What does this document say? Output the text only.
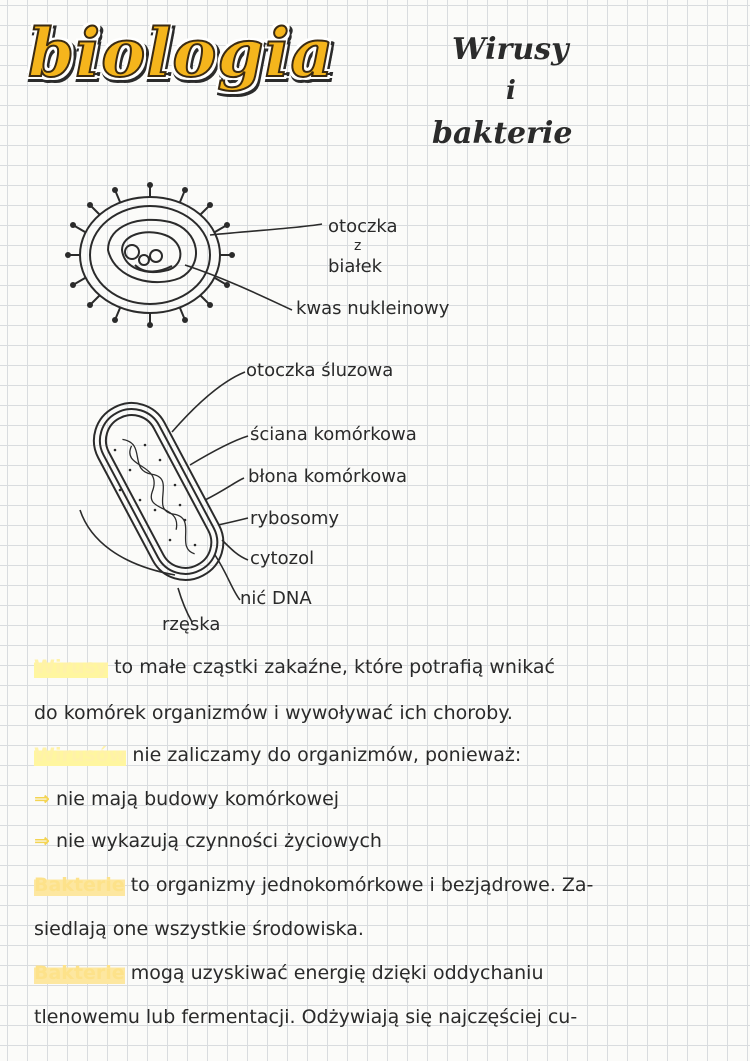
biologia	Wirusy
i
bakterie
otoczka
z
białek
kwas nukleinowy
otoczka śluzowa
ściana komórkowa
błona komórkowa
rybosomy
cytozol
nić DNA
rzęska
Wirusy to małe cząstki zakaźne, które potrafią wnikać
do komórek organizmów i wywoływać ich choroby.
Wirusów nie zaliczamy do organizmów, ponieważ:
⇒ nie mają budowy komórkowej
⇒ nie wykazują czynności życiowych
Bakterie to organizmy jednokomórkowe i bezjądrowe. Za-
siedlają one wszystkie środowiska.
Bakterie mogą uzyskiwać energię dzięki oddychaniu
tlenowemu lub fermentacji. Odżywiają się najczęściej cu-
